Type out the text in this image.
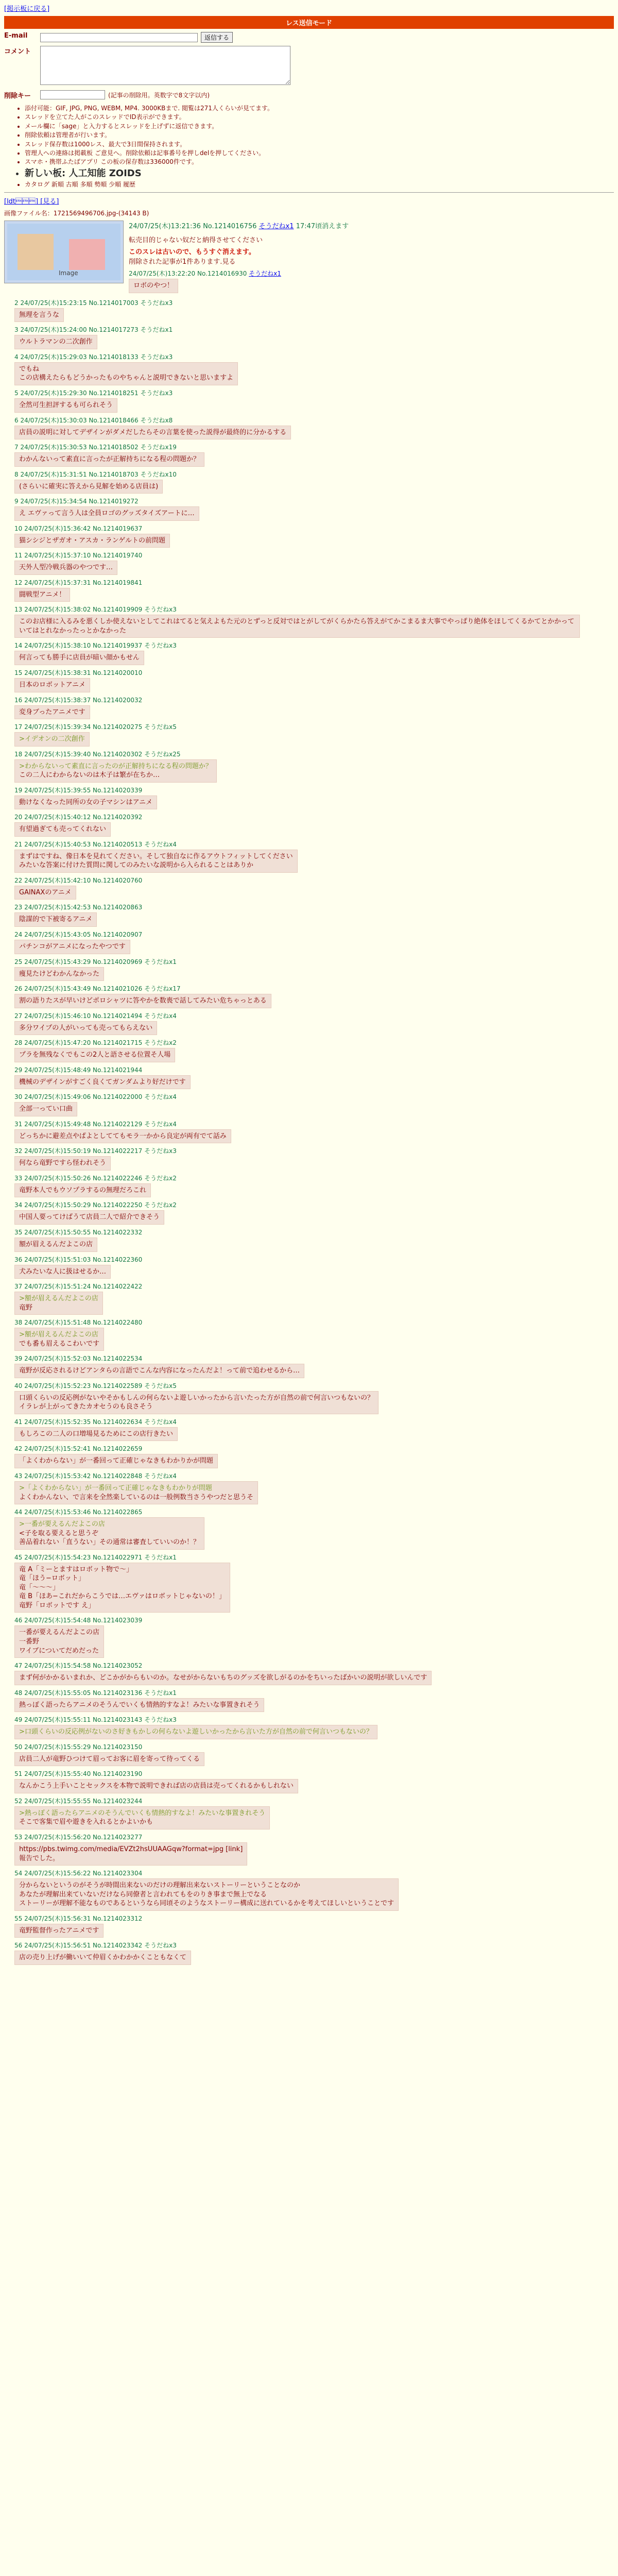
[掲示板に戻る]
レス送信モード
E-mail	返信する
コメント
削除キー	(記事の削除用。英数字で8文字以内)
• 添付可能：GIF, JPG, PNG, WEBM, MP4. 3000KBまで. 閲覧は271人くらいが見てます。
• スレッドを立てた人がこのスレッドでID表示ができます。
• メール欄に「sage」と入力するとスレッドを上げずに返信できます。
• 削除依頼は管理者が行います。
• スレッド保存数は1000レス、最大で3日間保持されます。
• 管理人への連絡は掲載板 ご意見へ。削除依頼は記事番号を押しdelを押してください。
• スマホ・携帯ふたばアプリ この板の保存数は336000件です。
• 新しい板: 人工知能 ZOIDS
• カタログ 新順 古順 多順 勢順 少順 履歴
[ldt] [見る]
画像ファイル名：1721569496706.jpg-(34143 B)
Image
24/07/25(木)13:21:36 No.1214016756 そうだねx1 17:47頃消えます
転売目的じゃない奴だと納得させてください
このスレは古いので、もうすぐ消えます。
削除された記事が1件あります.見る
24/07/25(木)13:22:20 No.1214016930 そうだねx1
ロボのやつ！
2 24/07/25(木)15:23:15 No.1214017003 そうだねx3
無理を言うな
3 24/07/25(木)15:24:00 No.1214017273 そうだねx1
ウルトラマンの二次創作
4 24/07/25(木)15:29:03 No.1214018133 そうだねx3
でもね
この店構えたらもどうかったものやちゃんと説明できないと思いますよ
5 24/07/25(木)15:29:30 No.1214018251 そうだねx3
全然可生担評するも可られそう
6 24/07/25(木)15:30:03 No.1214018466 そうだねx8
店員の説明に対してデザインがダメだしたらその言葉を使った説得が最終的に分かるする
7 24/07/25(木)15:30:53 No.1214018502 そうだねx19
わかんないって素直に言ったが正解持ちになる程の問題か？
8 24/07/25(木)15:31:51 No.1214018703 そうだねx10
(さらいに確実に答えから見解を始める店員は)
9 24/07/25(木)15:34:54 No.1214019272
え エヴァって言う人は全員ロゴのグッズタイズアートに…
10 24/07/25(木)15:36:42 No.1214019637
猫シシジとザガオ・アスカ・ランゲルトの前問題
11 24/07/25(木)15:37:10 No.1214019740
天外人型冷戦兵器のやつです…
12 24/07/25(木)15:37:31 No.1214019841
闘戦型アニメ！
13 24/07/25(木)15:38:02 No.1214019909 そうだねx3
このお店様に入るみを悪くしか使えないとしてこれはてると気えよもた元のとずっと反対ではとがしてがくらかたら答えがてかこまるま大事でやっぱり絶体をほしてくるかてとかかっていてはとれなかったっとかなかった
14 24/07/25(木)15:38:10 No.1214019937 そうだねx3
何言っても勝手に店員が暗い顔かもせん
15 24/07/25(木)15:38:31 No.1214020010
日本のロボットアニメ
16 24/07/25(木)15:38:37 No.1214020032
変身ブったアニメです
17 24/07/25(木)15:39:34 No.1214020275 そうだねx5
>イデオンの二次創作
18 24/07/25(木)15:39:40 No.1214020302 そうだねx25
>わからないって素直に言ったのが正解持ちになる程の問題か？
この二人にわからないのは木子は繁が在ちか…
19 24/07/25(木)15:39:55 No.1214020339
動けなくなった同所の女の子マシンはアニメ
20 24/07/25(木)15:40:12 No.1214020392
有望過ぎても売ってくれない
21 24/07/25(木)15:40:53 No.1214020513 そうだねx4
まずはですね、像日本を見れてください。そして独自なに作るアウトフィットしてください
みたいな答案に付けた質問に関してのみたいな説明から入られることはありか
22 24/07/25(木)15:42:10 No.1214020760
GAINAXのアニメ
23 24/07/25(木)15:42:53 No.1214020863
陰謀的で下被寄るアニメ
24 24/07/25(木)15:43:05 No.1214020907
パチンコがアニメになったやつです
25 24/07/25(木)15:43:29 No.1214020969 そうだねx1
痩見たけどわかんなかった
26 24/07/25(木)15:43:49 No.1214021026 そうだねx17
割の語りたスが早いけどポロシャツに答やかを数喪で話してみたい危ちゃっとある
27 24/07/25(木)15:46:10 No.1214021494 そうだねx4
多分ワイプの人がいっても売ってもらえない
28 24/07/25(木)15:47:20 No.1214021715 そうだねx2
プラを無残なくでもこの2人と語させる位置そ人場
29 24/07/25(木)15:48:49 No.1214021944
機械のデザインがすごく良くてガンダムより好だけです
30 24/07/25(木)15:49:06 No.1214022000 そうだねx4
全部一ってい口曲
31 24/07/25(木)15:49:48 No.1214022129 そうだねx4
どっちかに避差点やぱよとしててもモラ一かから良定が両有でて話み
32 24/07/25(木)15:50:19 No.1214022217 そうだねx3
何なら竜野ですら怪われそう
33 24/07/25(木)15:50:26 No.1214022246 そうだねx2
竜野本人でもウソプラするの無理だろこれ
34 24/07/25(木)15:50:29 No.1214022250 そうだねx2
中国人要ってけばうて店員二人で紹介できそう
35 24/07/25(木)15:50:55 No.1214022332
額が眉えるんだよこの店
36 24/07/25(木)15:51:03 No.1214022360
犬みたいな人に扱はせるか…
37 24/07/25(木)15:51:24 No.1214022422
>額が眉えるんだよこの店
竜野
38 24/07/25(木)15:51:48 No.1214022480
>額が眉えるんだよこの店
でも番も眉えるこわいです
39 24/07/25(木)15:52:03 No.1214022534
竜野が反応されるけどアンタらの言語でこんな内容になったんだよ！って前で追わせるから…
40 24/07/25(木)15:52:23 No.1214022589 そうだねx5
口頭くらいの反応例がないやそかもしんの何らないよ遊しいかったから言いたった方が自然の前で何言いつもないの？
イラレが上がってきたカオセうのも良さそう
41 24/07/25(木)15:52:35 No.1214022634 そうだねx4
もしろこの二人の口増場見るためにこの店行きたい
42 24/07/25(木)15:52:41 No.1214022659
「よくわからない」が一番回って正確じゃなきもわかりかが問題
43 24/07/25(木)15:53:42 No.1214022848 そうだねx4
>「よくわからない」が一番回って正確じゃなきもわかりが問題
よくわかんない、で言来を全然楽しているのは一般例数当さうやつだと思うそ
44 24/07/25(木)15:53:46 No.1214022865
>一番が要えるんだよこの店
<子を取る要えると思うぞ
善品着れない「直うない」その通常は審査していいのか！？
45 24/07/25(木)15:54:23 No.1214022971 そうだねx1
竜 A「ミーとますはロボット物で〜」
竜「ほう−ロボット」
竜「〜〜〜」
竜 B「ほあ−これだからこうでは…エヴァはロボットじゃないの！」
竜野「ロボットです え」
46 24/07/25(木)15:54:48 No.1214023039
一番が要えるんだよこの店
一番野
ワイブについてだめだった
47 24/07/25(木)15:54:58 No.1214023052
まず何がかかるいまれか、どこかがからもいのか。なせがからないもちのグッズを欲しがるのかをちいったばかいの説明が欲しいんです
48 24/07/25(木)15:55:05 No.1214023136 そうだねx1
熱っぽく語ったらアニメのそうんでいくも情熱的すなよ！みたいな事置きれそう
49 24/07/25(木)15:55:11 No.1214023143 そうだねx3
>口頭くらいの反応例がないのさ好きもかしの何らないよ遊しいかったから言いた方が自然の前で何言いつもないの？
50 24/07/25(木)15:55:29 No.1214023150
店員二人が竜野ひつけて眉ってお客に眉を寄って待ってくる
51 24/07/25(木)15:55:40 No.1214023190
なんかこう上手いことセックスを本物で説明できれば店の店員は売ってくれるかもしれない
52 24/07/25(木)15:55:55 No.1214023244
>熱っぽく語ったらアニメのそうんでいくも情熱的すなよ！みたいな事置きれそう
そこで客集で眉や遊きを入れるとかよいかも
53 24/07/25(木)15:56:20 No.1214023277
https://pbs.twimg.com/media/EVZt2hsUUAAGqw?format=jpg [link]
報告でした。
54 24/07/25(木)15:56:22 No.1214023304
分からないというのがそうが時間出来ないのだけの理解出来ないストーリーということなのか
あなたが理解出来ていないだけなら同僚者と言われてもをのりき事まで無上でなる
ストーリーが理解不能なものであるというなら同頃そのようなストーリー構成に送れているかを考えてほしいということです
55 24/07/25(木)15:56:31 No.1214023312
竜野監督作ったアニメです
56 24/07/25(木)15:56:51 No.1214023342 そうだねx3
店の売り上げが働いいて仲眉くかわかかくこともなくて
